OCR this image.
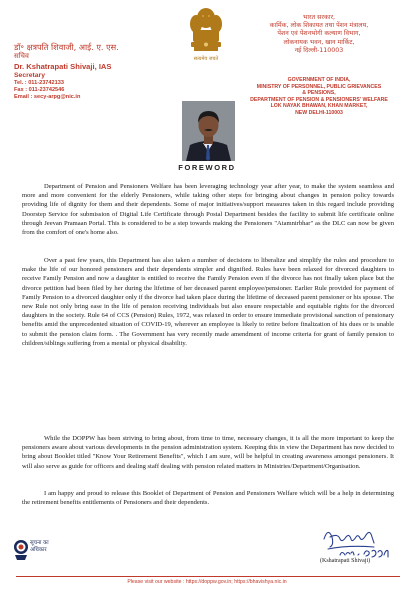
डॉ॰ क्षत्रपति शिवाजी, आई. ए. एस.
सचिव
Dr. Kshatrapati Shivaji, IAS
Secretary
Tel. : 011-23742133
Fax : 011-23742546
Email : secy-arpg@nic.in
सत्यमेव जयते
भारत सरकार,
कार्मिक, लोक शिकायत तथा पेंशन मंत्रालय,
पेंशन एवं पेंशनभोगी कल्याण विभाग,
लोकनायक भवन, खान मार्किट,
नई दिल्ली-110003
GOVERNMENT OF INDIA,
MINISTRY OF PERSONNEL, PUBLIC GRIEVANCES
& PENSIONS,
DEPARTMENT OF PENSION & PENSIONERS' WELFARE
LOK NAYAK BHAWAN, KHAN MARKET,
NEW DELHI-110003
FOREWORD
Department of Pension and Pensioners Welfare has been leveraging technology year after year, to make the system seamless and more and more convenient for the elderly Pensioners, while taking other steps for bringing about changes in pension policy towards providing life of dignity for them and their dependents. Some of major initiatives/support measures taken in this regard include providing Doorstep Service for submission of Digital Life Certificate through Postal Department besides the facility to submit life certificate online through Jeevan Pramaan Portal. This is considered to be a step towards making the Pensioners "Atamnirbhar" as the DLC can now be given from the comfort of one's home also.
Over a past few years, this Department has also taken a number of decisions to liberalize and simplify the rules and procedure to make the life of our honored pensioners and their dependents simpler and dignified. Rules have been relaxed for divorced daughters to receive Family Pension and now a daughter is entitled to receive the Family Pension even if the divorce has not finally taken place but the divorce petition had been filed by her during the lifetime of her deceased parent employee/pensioner. Earlier Rule provided for payment of Family Pension to a divorced daughter only if the divorce had taken place during the lifetime of deceased parent pensioner or his spouse. The new Rule not only bring ease in the life of pension receiving individuals but also ensure respectable and equitable rights for the divorced daughters in the society. Rule 64 of CCS (Pension) Rules, 1972, was relaxed in order to ensure immediate provisional sanction of pensionary benefits amid the unprecedented situation of COVID-19, wherever an employee is likely to retire before finalization of his dues or is unable to submit the pension claim form. . The Government has very recently made amendment of income criteria for grant of family pension to children/siblings suffering from a mental or physical disability.
While the DOPPW has been striving to bring about, from time to time, necessary changes, it is all the more important to keep the pensioners aware about various developments in the pension administration system. Keeping this in view the Department has now decided to bring about Booklet titled "Know Your Retirement Benefits", which I am sure, will be helpful in creating awareness amongst pensioners. It will also serve as guide for officers and dealing staff dealing with pension related matters in Ministries/Department/Organisation.
I am happy and proud to release this Booklet of Department of Pension and Pensioners Welfare which will be a help in determining the retirement benefits entitlements of Pensioners and their dependents.
(Kshatrapati Shivaji)
सूचना का
अधिकार
Please visit our website : https://doppw.gov.in; https://bhavishya.nic.in
